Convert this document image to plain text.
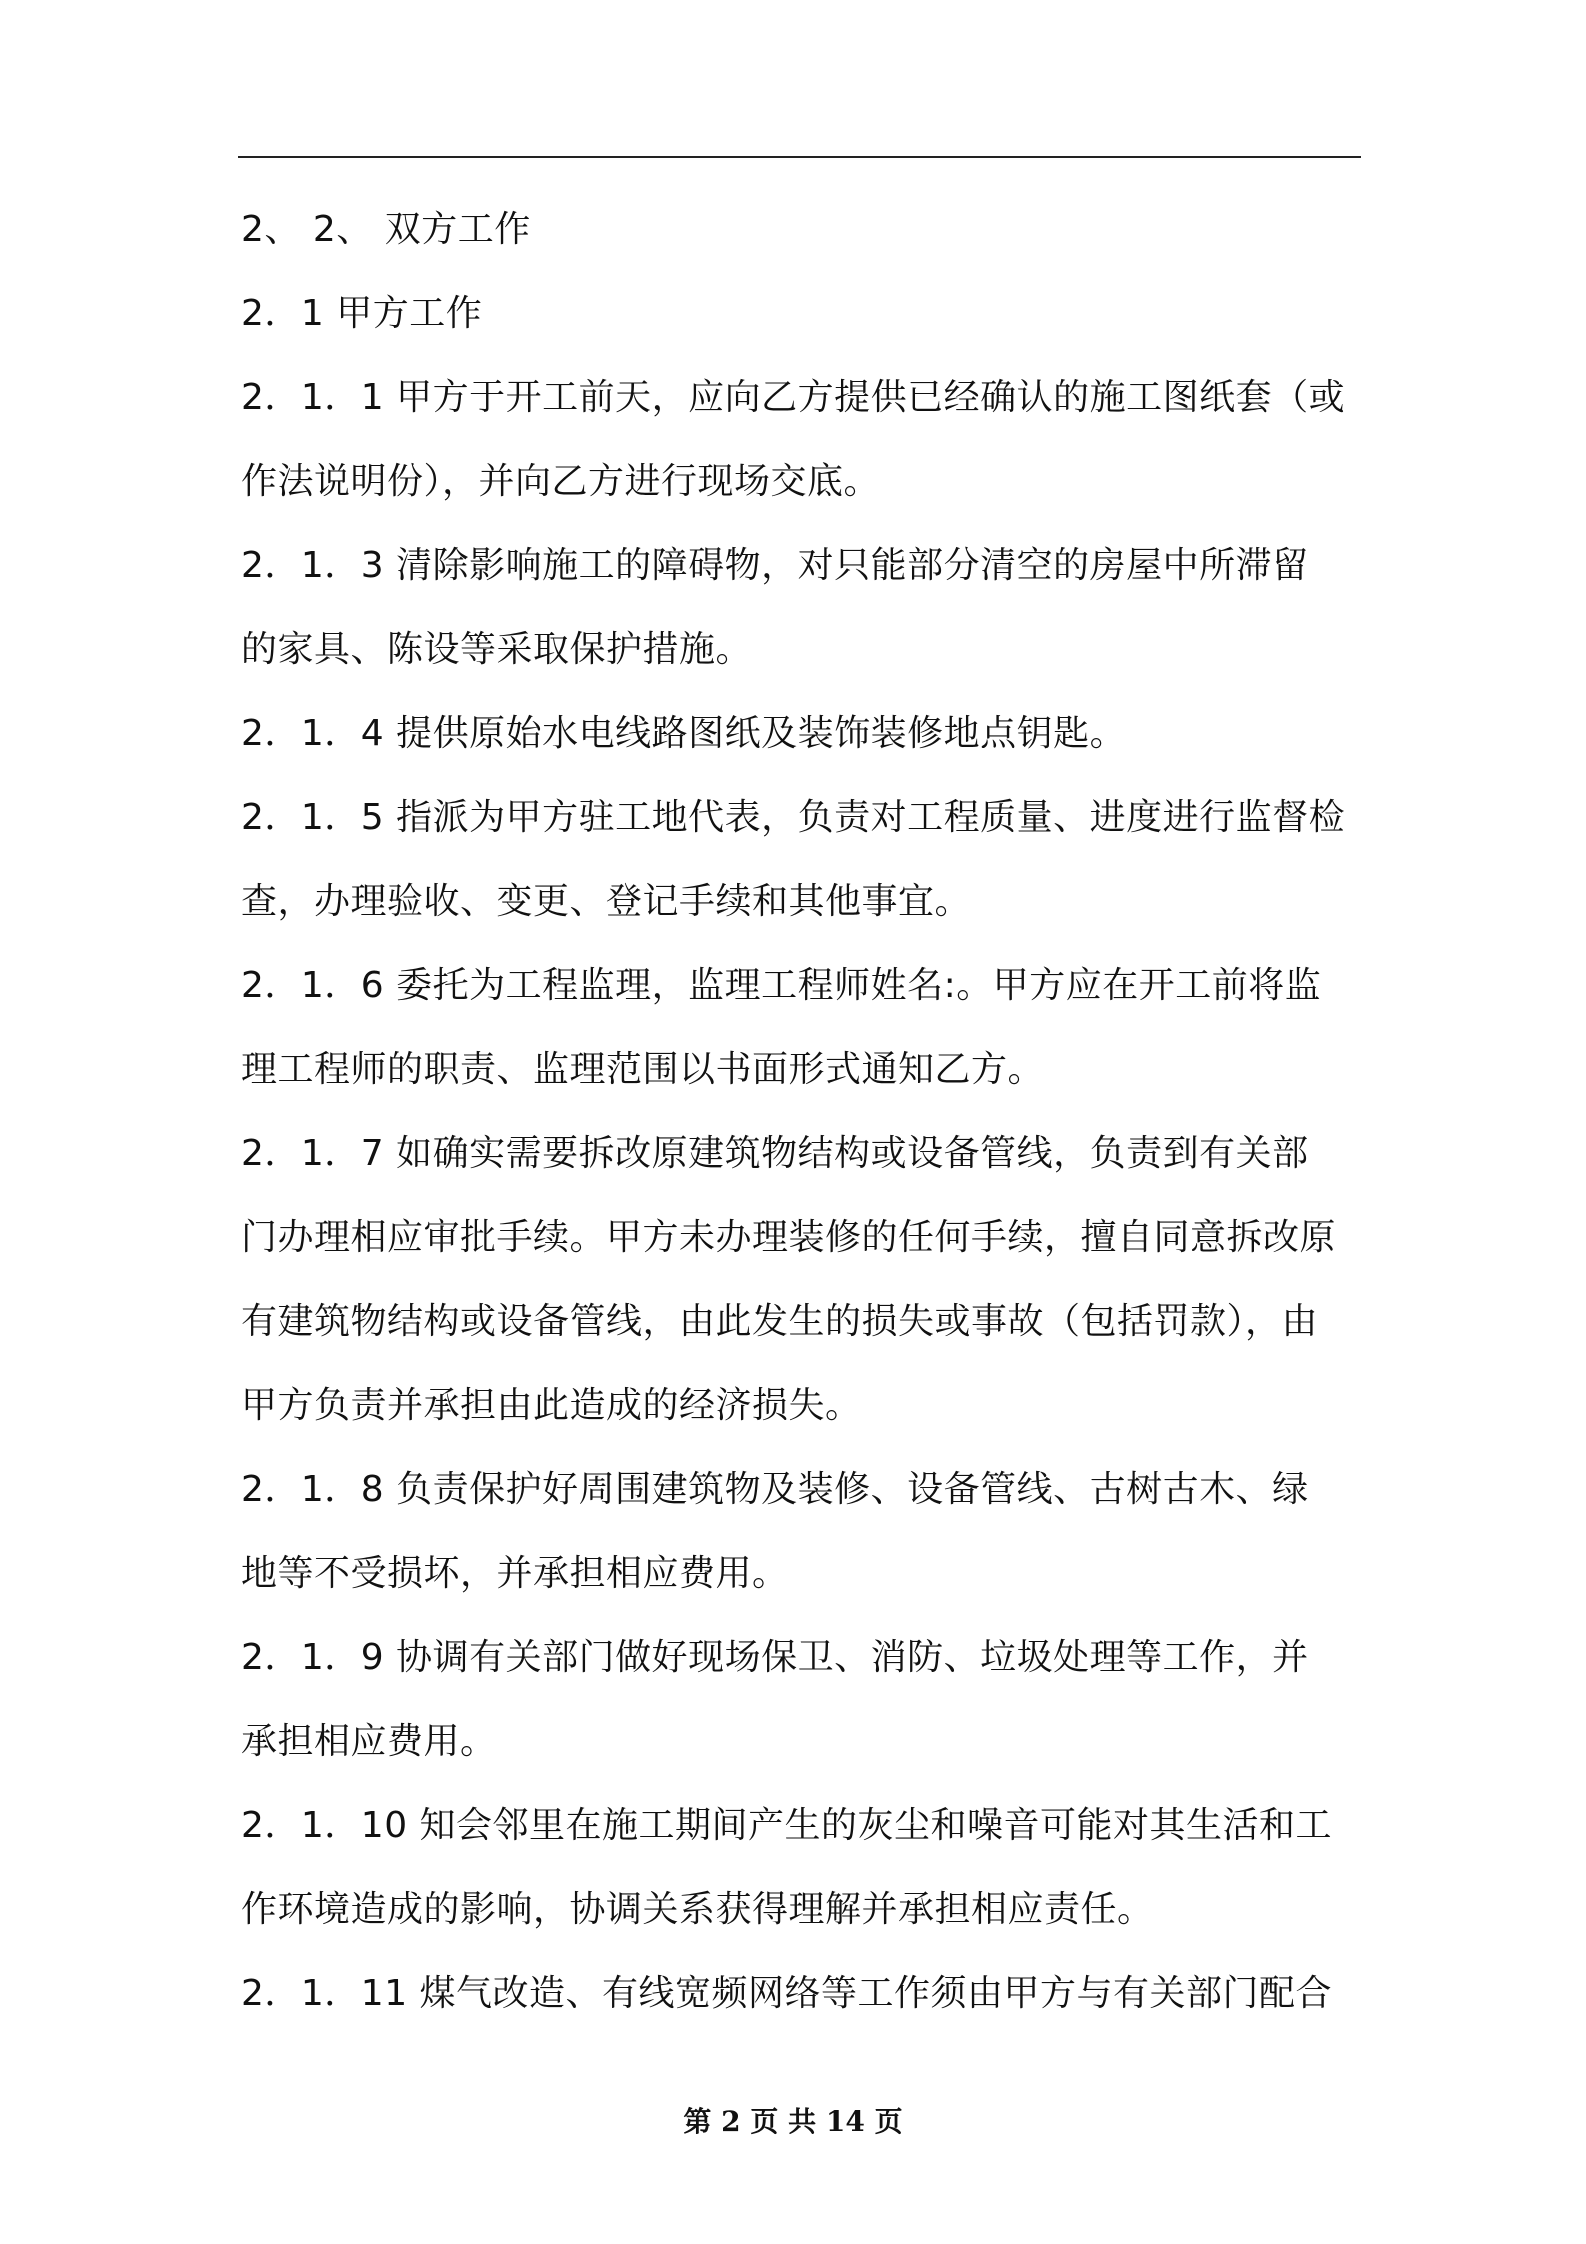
2、 2、 双方工作
2．1 甲方工作
2．1．1 甲方于开工前天，应向乙方提供已经确认的施工图纸套（或
作法说明份），并向乙方进行现场交底。
2．1．3 清除影响施工的障碍物，对只能部分清空的房屋中所滞留
的家具、陈设等采取保护措施。
2．1．4 提供原始水电线路图纸及装饰装修地点钥匙。
2．1．5 指派为甲方驻工地代表，负责对工程质量、进度进行监督检
查，办理验收、变更、登记手续和其他事宜。
2．1．6 委托为工程监理，监理工程师姓名:。甲方应在开工前将监
理工程师的职责、监理范围以书面形式通知乙方。
2．1．7 如确实需要拆改原建筑物结构或设备管线，负责到有关部
门办理相应审批手续。甲方未办理装修的任何手续，擅自同意拆改原
有建筑物结构或设备管线，由此发生的损失或事故（包括罚款），由
甲方负责并承担由此造成的经济损失。
2．1．8 负责保护好周围建筑物及装修、设备管线、古树古木、绿
地等不受损坏，并承担相应费用。
2．1．9 协调有关部门做好现场保卫、消防、垃圾处理等工作，并
承担相应费用。
2．1．10 知会邻里在施工期间产生的灰尘和噪音可能对其生活和工
作环境造成的影响，协调关系获得理解并承担相应责任。
2．1．11 煤气改造、有线宽频网络等工作须由甲方与有关部门配合
第 2 页 共 14 页
